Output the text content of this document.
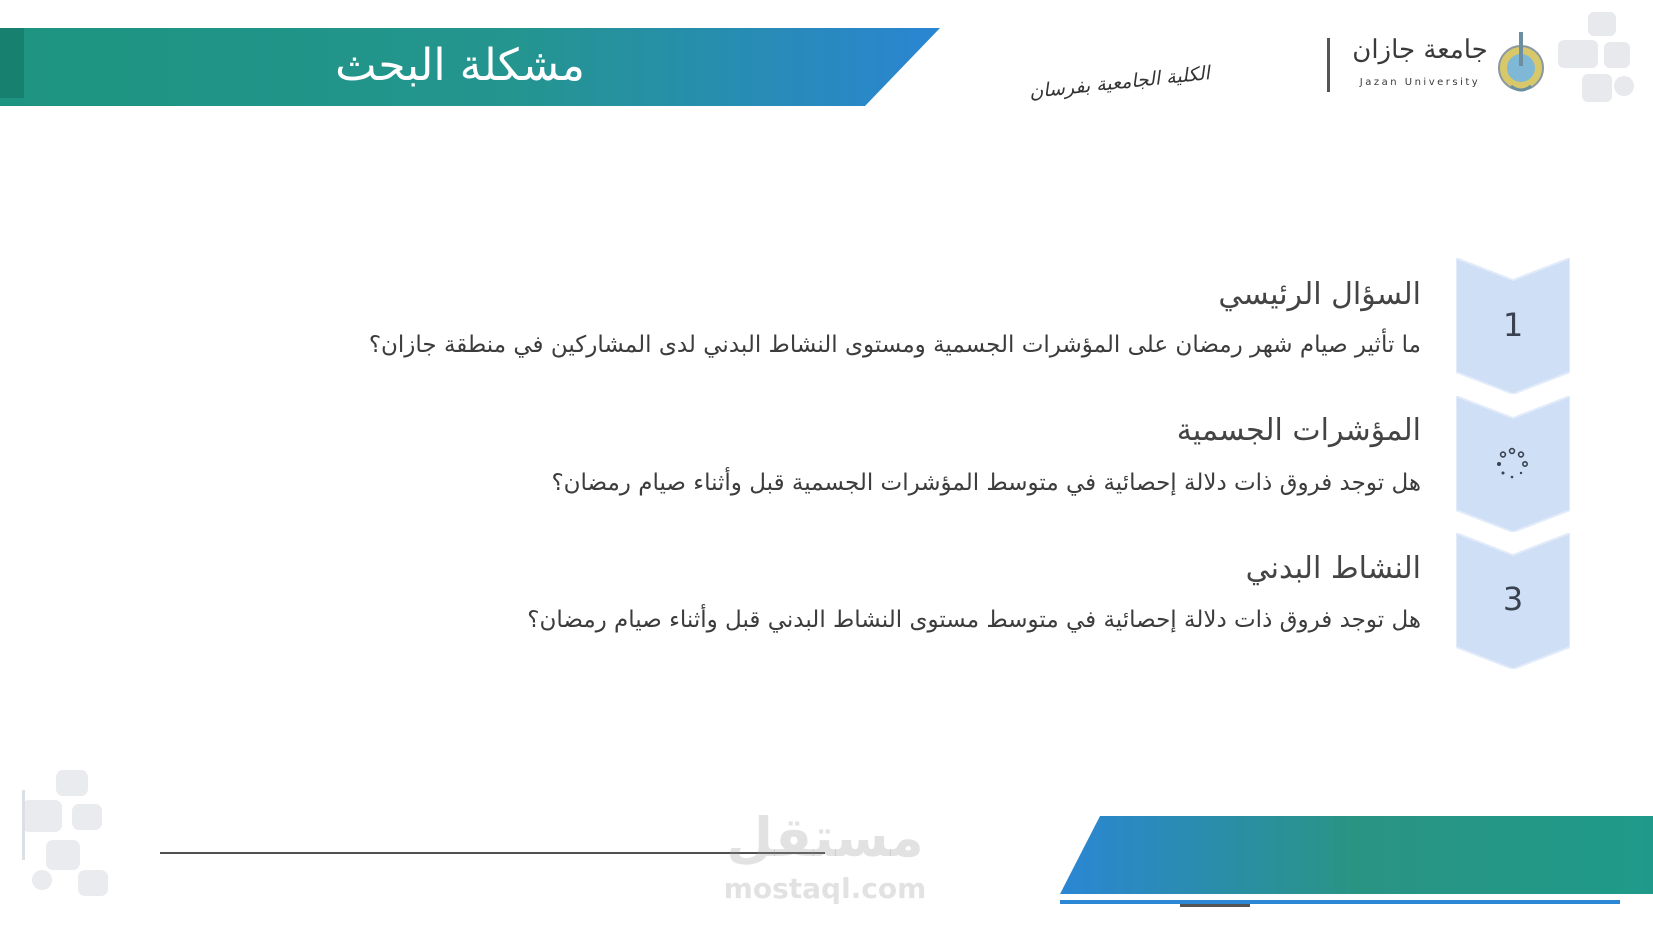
مشكلة البحث	الكلية الجامعية بفرسان
جامعة جازان
Jazan University
1
السؤال الرئيسي
ما تأثير صيام شهر رمضان على المؤشرات الجسمية ومستوى النشاط البدني لدى المشاركين في منطقة جازان؟
المؤشرات الجسمية
هل توجد فروق ذات دلالة إحصائية في متوسط المؤشرات الجسمية قبل وأثناء صيام رمضان؟
3
النشاط البدني
هل توجد فروق ذات دلالة إحصائية في متوسط مستوى النشاط البدني قبل وأثناء صيام رمضان؟
مستقل
mostaql.com
